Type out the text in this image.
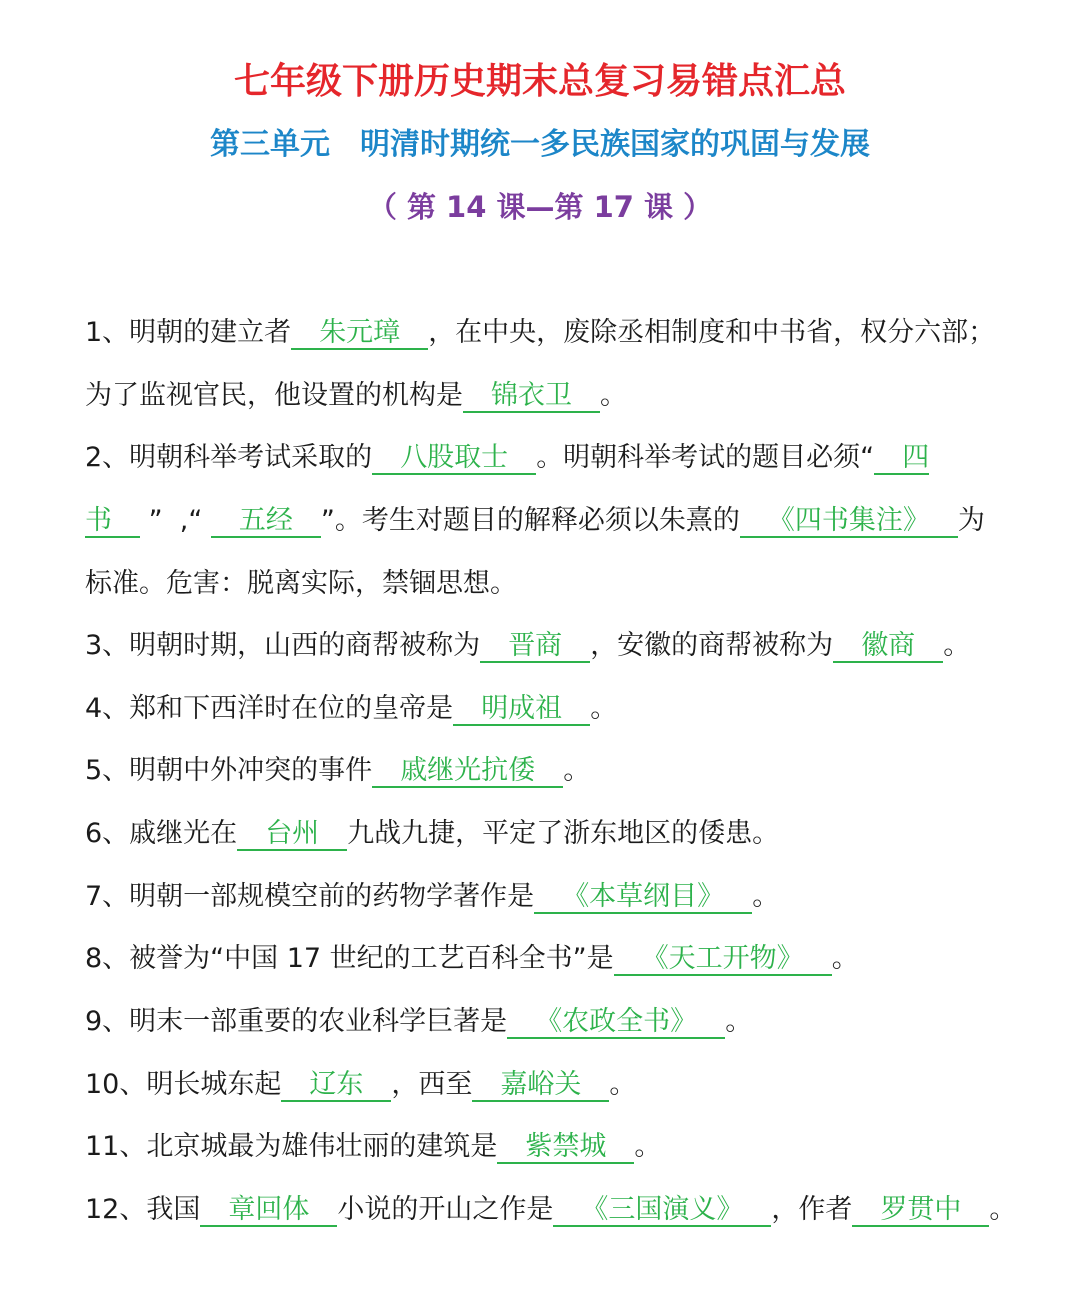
七年级下册历史期末总复习易错点汇总
第三单元　明清时期统一多民族国家的巩固与发展
（ 第 14 课—第 17 课 ）
1、明朝的建立者 朱元璋 ，在中央，废除丞相制度和中书省，权分六部；
为了监视官民，他设置的机构是 锦衣卫 。
2、明朝科举考试采取的 八股取士 。明朝科举考试的题目必须“ 四
书 ”  ,“ 五经 ”。考生对题目的解释必须以朱熹的 《四书集注》 为
标准。危害：脱离实际，禁锢思想。
3、明朝时期，山西的商帮被称为 晋商 ，安徽的商帮被称为 徽商 。
4、郑和下西洋时在位的皇帝是 明成祖 。
5、明朝中外冲突的事件 戚继光抗倭 。
6、戚继光在 台州 九战九捷，平定了浙东地区的倭患。
7、明朝一部规模空前的药物学著作是 《本草纲目》 。
8、被誉为“中国 17 世纪的工艺百科全书”是 《天工开物》 。
9、明末一部重要的农业科学巨著是 《农政全书》 。
10、明长城东起 辽东 ，西至 嘉峪关 。
11、北京城最为雄伟壮丽的建筑是 紫禁城 。
12、我国 章回体 小说的开山之作是 《三国演义》 ，作者 罗贯中 。
